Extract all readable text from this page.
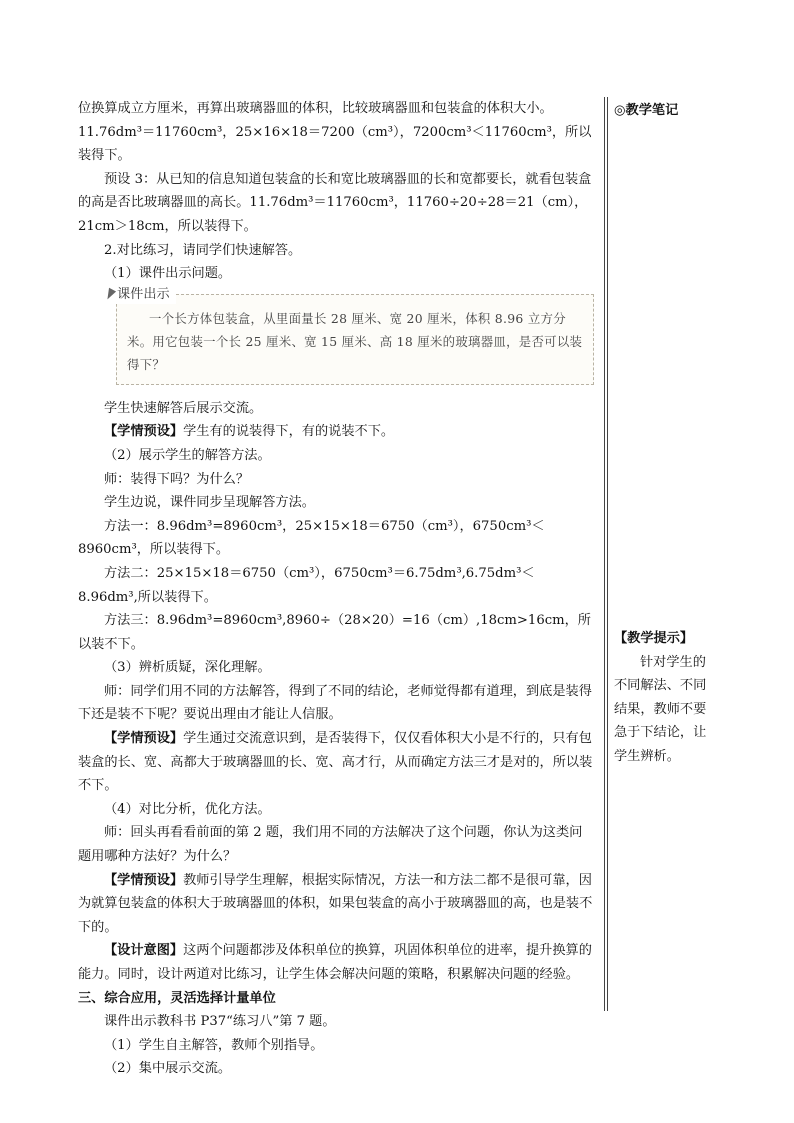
位换算成立方厘米，再算出玻璃器皿的体积，比较玻璃器皿和包装盒的体积大小。

11.76dm³＝11760cm³，25×16×18＝7200（cm³），7200cm³＜11760cm³，所以装得下。

预设 3：从已知的信息知道包装盒的长和宽比玻璃器皿的长和宽都要长，就看包装盒的高是否比玻璃器皿的高长。11.76dm³＝11760cm³，11760÷20÷28＝21（cm），21cm＞18cm，所以装得下。

2.对比练习，请同学们快速解答。

（1）课件出示问题。

课件出示

一个长方体包装盒，从里面量长 28 厘米、宽 20 厘米，体积 8.96 立方分米。用它包装一个长 25 厘米、宽 15 厘米、高 18 厘米的玻璃器皿，是否可以装得下？

学生快速解答后展示交流。

【学情预设】学生有的说装得下，有的说装不下。

（2）展示学生的解答方法。

师：装得下吗？为什么？

学生边说，课件同步呈现解答方法。

方法一：8.96dm³=8960cm³，25×15×18＝6750（cm³），6750cm³＜8960cm³，所以装得下。

方法二：25×15×18＝6750（cm³），6750cm³＝6.75dm³,6.75dm³＜8.96dm³,所以装得下。

方法三：8.96dm³=8960cm³,8960÷（28×20）=16（cm）,18cm>16cm，所以装不下。

（3）辨析质疑，深化理解。

师：同学们用不同的方法解答，得到了不同的结论，老师觉得都有道理，到底是装得下还是装不下呢？要说出理由才能让人信服。

【学情预设】学生通过交流意识到，是否装得下，仅仅看体积大小是不行的，只有包装盒的长、宽、高都大于玻璃器皿的长、宽、高才行，从而确定方法三才是对的，所以装不下。

（4）对比分析，优化方法。

师：回头再看看前面的第 2 题，我们用不同的方法解决了这个问题，你认为这类问题用哪种方法好？为什么？

【学情预设】教师引导学生理解，根据实际情况，方法一和方法二都不是很可靠，因为就算包装盒的体积大于玻璃器皿的体积，如果包装盒的高小于玻璃器皿的高，也是装不下的。

【设计意图】这两个问题都涉及体积单位的换算，巩固体积单位的进率，提升换算的能力。同时，设计两道对比练习，让学生体会解决问题的策略，积累解决问题的经验。

三、综合应用，灵活选择计量单位

课件出示教科书 P37“练习八”第 7 题。

（1）学生自主解答，教师个别指导。

（2）集中展示交流。

◎教学笔记
【教学提示】
针对学生的不同解法、不同结果，教师不要急于下结论，让学生辨析。
